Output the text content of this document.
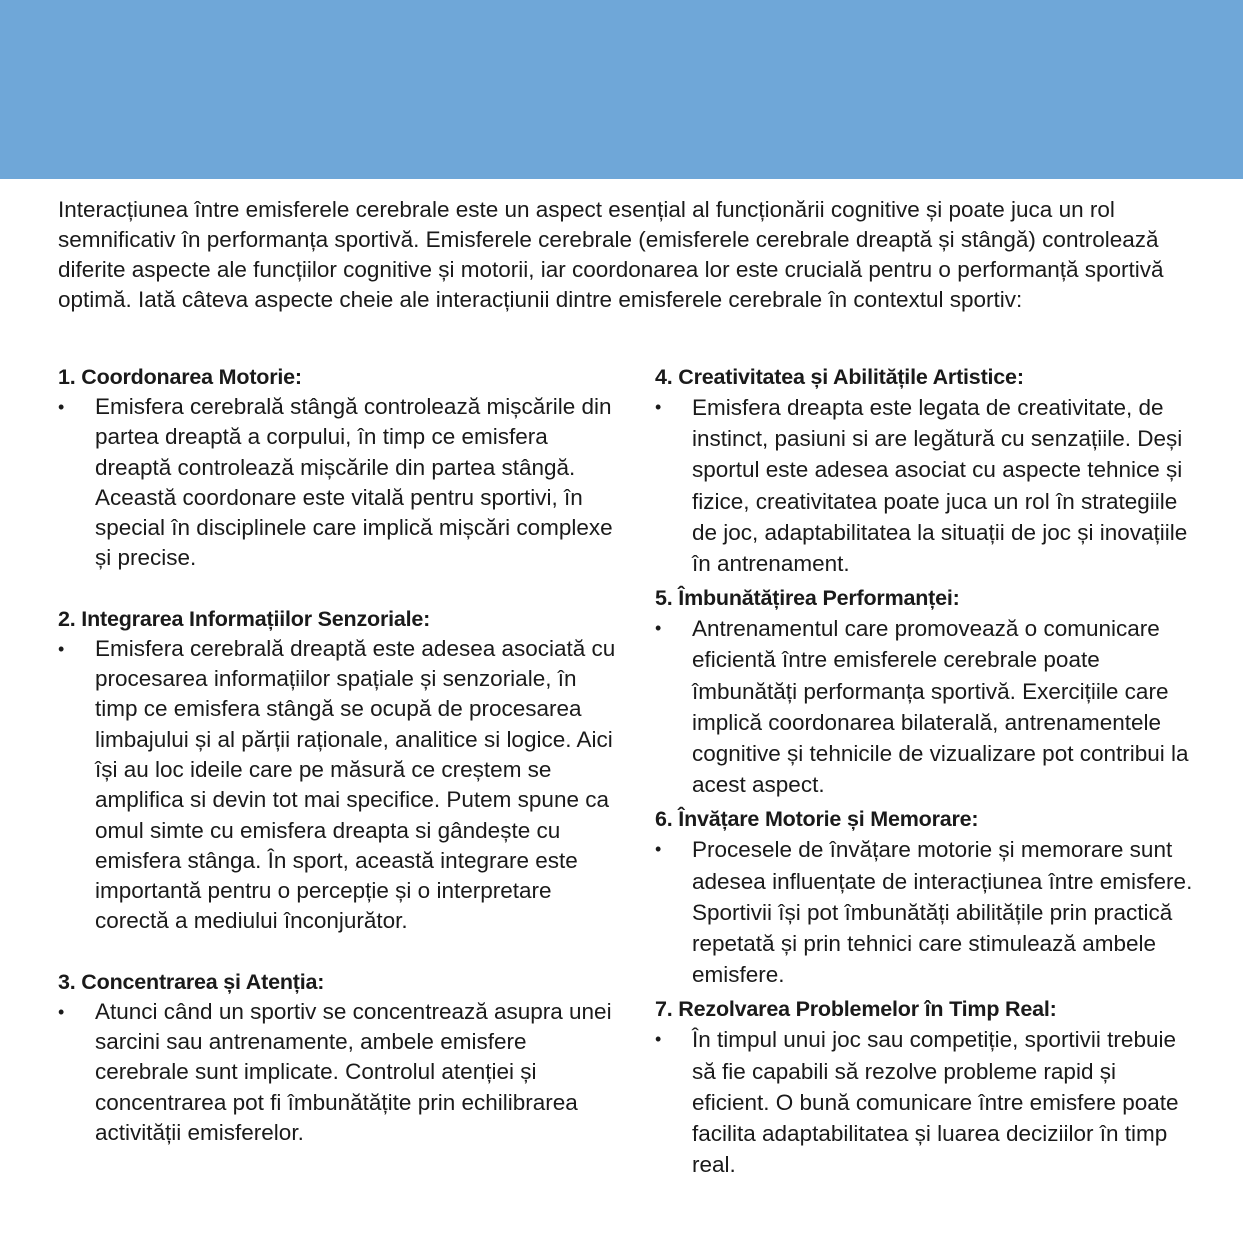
Interacțiunea între emisferele cerebrale este un aspect esențial al funcționării cognitive și poate juca un rol semnificativ în performanța sportivă. Emisferele cerebrale (emisferele cerebrale dreaptă și stângă) controlează diferite aspecte ale funcțiilor cognitive și motorii, iar coordonarea lor este crucială pentru o performanță sportivă optimă. Iată câteva aspecte cheie ale interacțiunii dintre emisferele cerebrale în contextul sportiv:

1. Coordonarea Motorie:

• Emisfera cerebrală stângă controlează mișcările din partea dreaptă a corpului, în timp ce emisfera dreaptă controlează mișcările din partea stângă. Această coordonare este vitală pentru sportivi, în special în disciplinele care implică mișcări complexe și precise.

2. Integrarea Informațiilor Senzoriale:

• Emisfera cerebrală dreaptă este adesea asociată cu procesarea informațiilor spațiale și senzoriale, în timp ce emisfera stângă se ocupă de procesarea limbajului și al părții raționale, analitice si logice. Aici își au loc ideile care pe măsură ce creștem se amplifica si devin tot mai specifice. Putem spune ca omul simte cu emisfera dreapta si gândește cu emisfera stânga. În sport, această integrare este importantă pentru o percepție și o interpretare corectă a mediului înconjurător.

3. Concentrarea și Atenția:

• Atunci când un sportiv se concentrează asupra unei sarcini sau antrenamente, ambele emisfere cerebrale sunt implicate. Controlul atenției și concentrarea pot fi îmbunătățite prin echilibrarea activității emisferelor.

4. Creativitatea și Abilitățile Artistice:

• Emisfera dreapta este legata de creativitate, de instinct, pasiuni si are legătură cu senzațiile. Deși sportul este adesea asociat cu aspecte tehnice și fizice, creativitatea poate juca un rol în strategiile de joc, adaptabilitatea la situații de joc și inovațiile în antrenament.

5. Îmbunătățirea Performanței:

• Antrenamentul care promovează o comunicare eficientă între emisferele cerebrale poate îmbunătăți performanța sportivă. Exercițiile care implică coordonarea bilaterală, antrenamentele cognitive și tehnicile de vizualizare pot contribui la acest aspect.

6. Învățare Motorie și Memorare:

• Procesele de învățare motorie și memorare sunt adesea influențate de interacțiunea între emisfere. Sportivii își pot îmbunătăți abilitățile prin practică repetată și prin tehnici care stimulează ambele emisfere.

7. Rezolvarea Problemelor în Timp Real:

• În timpul unui joc sau competiție, sportivii trebuie să fie capabili să rezolve probleme rapid și eficient. O bună comunicare între emisfere poate facilita adaptabilitatea și luarea deciziilor în timp real.
